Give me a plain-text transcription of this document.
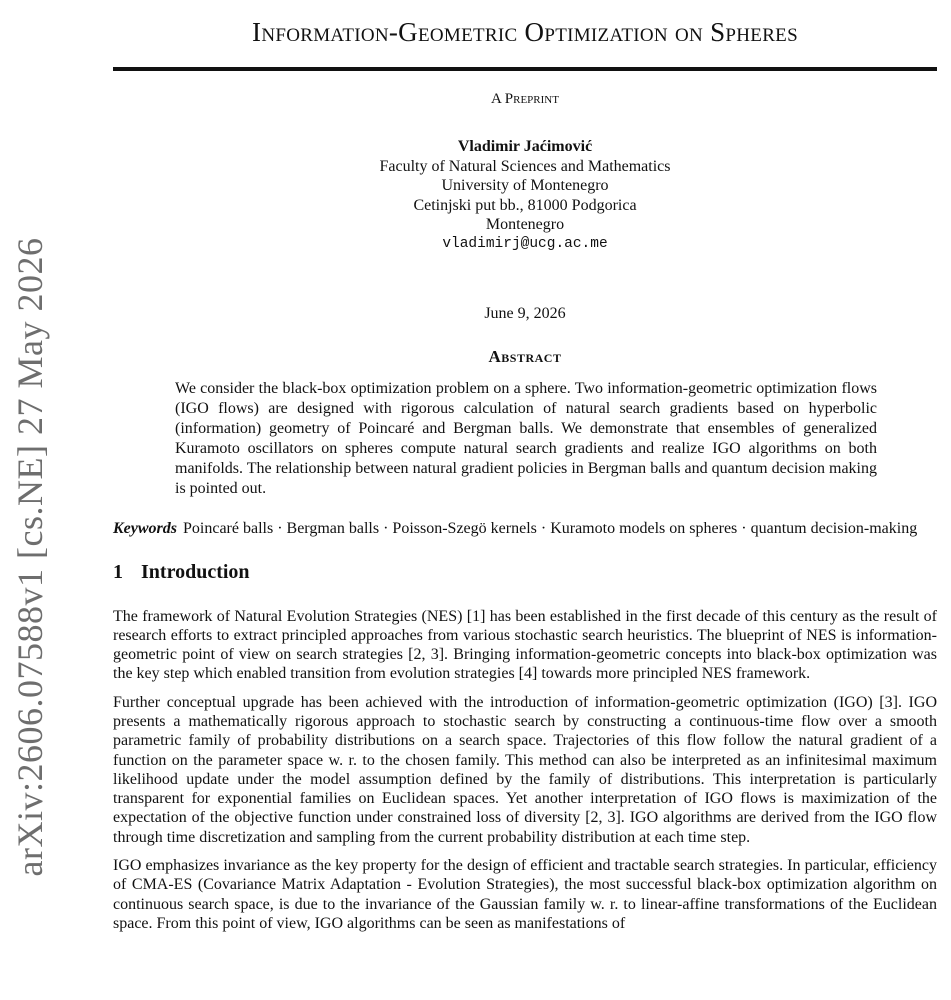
arXiv:2606.07588v1 [cs.NE] 27 May 2026
Information-Geometric Optimization on Spheres
A Preprint
Vladimir Jaćimović
Faculty of Natural Sciences and Mathematics
University of Montenegro
Cetinjski put bb., 81000 Podgorica
Montenegro
vladimirj@ucg.ac.me
June 9, 2026
Abstract

We consider the black-box optimization problem on a sphere. Two information-geometric optimization flows (IGO flows) are designed with rigorous calculation of natural search gradients based on hyperbolic (information) geometry of Poincaré and Bergman balls. We demonstrate that ensembles of generalized Kuramoto oscillators on spheres compute natural search gradients and realize IGO algorithms on both manifolds. The relationship between natural gradient policies in Bergman balls and quantum decision making is pointed out.

Keywords Poincaré balls · Bergman balls · Poisson-Szegö kernels · Kuramoto models on spheres · quantum decision-making
1 Introduction

The framework of Natural Evolution Strategies (NES) [1] has been established in the first decade of this century as the result of research efforts to extract principled approaches from various stochastic search heuristics. The blueprint of NES is information-geometric point of view on search strategies [2, 3]. Bringing information-geometric concepts into black-box optimization was the key step which enabled transition from evolution strategies [4] towards more principled NES framework.

Further conceptual upgrade has been achieved with the introduction of information-geometric optimization (IGO) [3]. IGO presents a mathematically rigorous approach to stochastic search by constructing a continuous-time flow over a smooth parametric family of probability distributions on a search space. Trajectories of this flow follow the natural gradient of a function on the parameter space w. r. to the chosen family. This method can also be interpreted as an infinitesimal maximum likelihood update under the model assumption defined by the family of distributions. This interpretation is particularly transparent for exponential families on Euclidean spaces. Yet another interpretation of IGO flows is maximization of the expectation of the objective function under constrained loss of diversity [2, 3]. IGO algorithms are derived from the IGO flow through time discretization and sampling from the current probability distribution at each time step.

IGO emphasizes invariance as the key property for the design of efficient and tractable search strategies. In particular, efficiency of CMA-ES (Covariance Matrix Adaptation - Evolution Strategies), the most successful black-box optimization algorithm on continuous search space, is due to the invariance of the Gaussian family w. r. to linear-affine transformations of the Euclidean space. From this point of view, IGO algorithms can be seen as manifestations of
